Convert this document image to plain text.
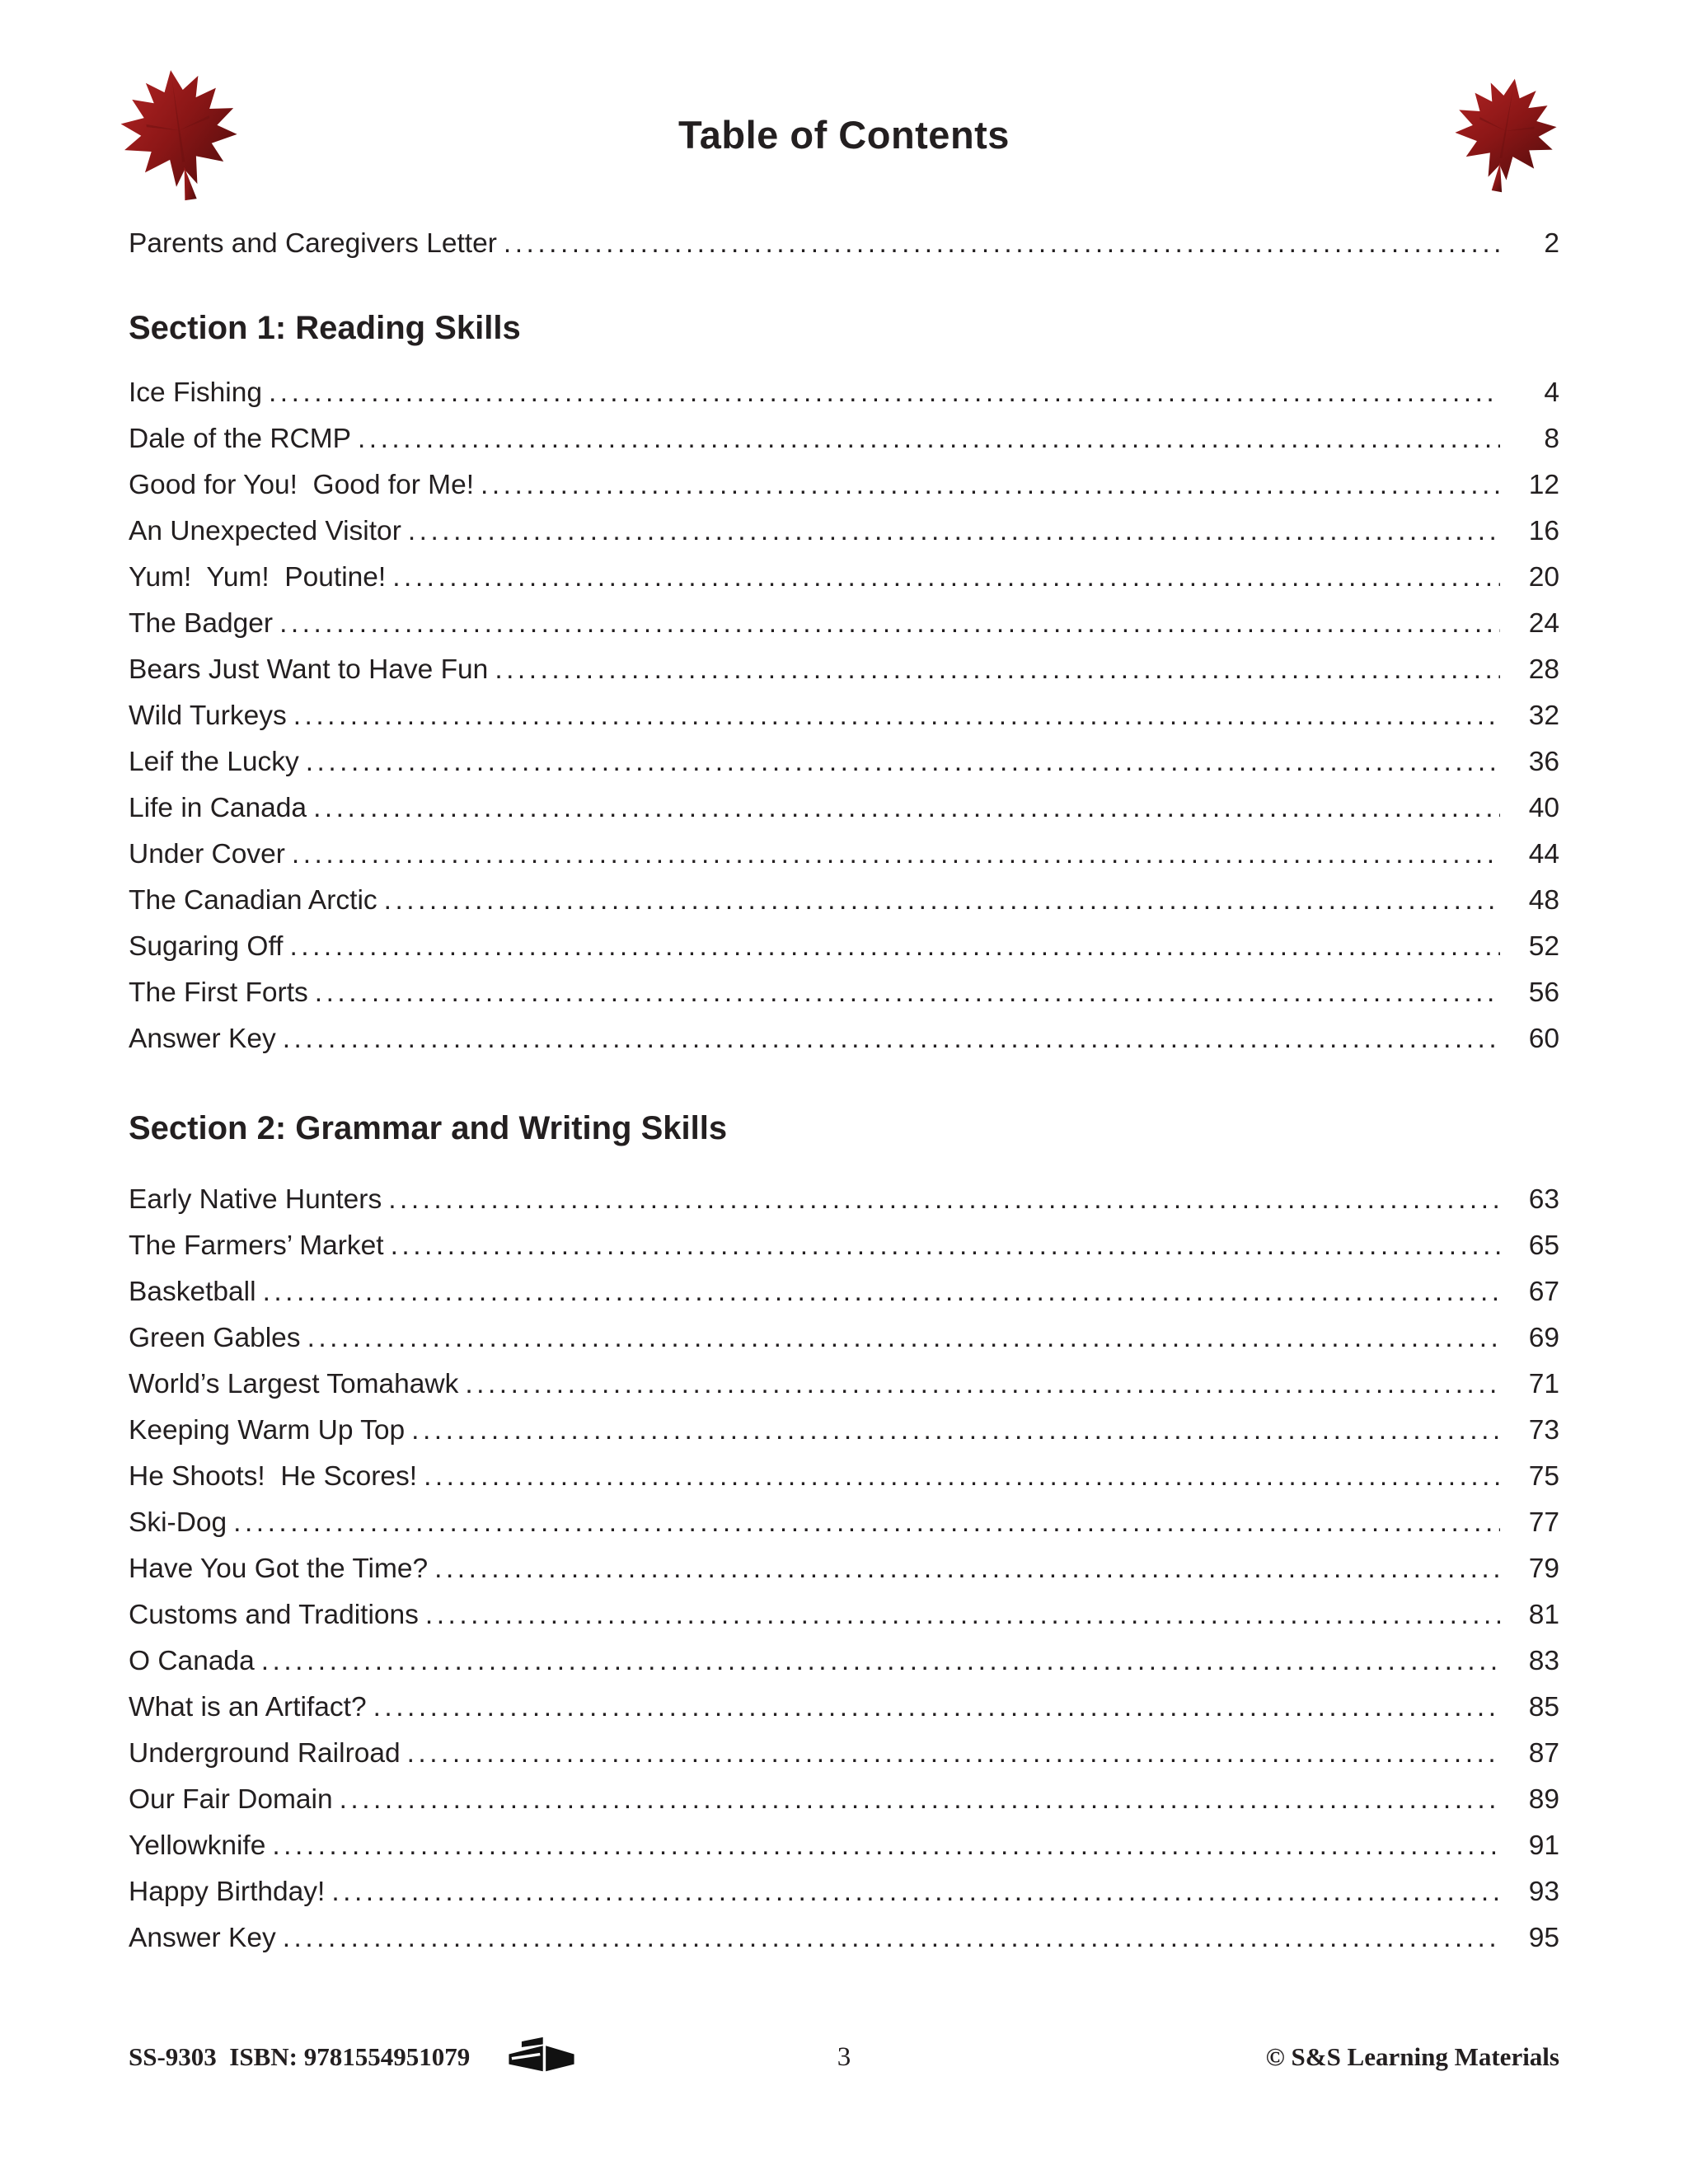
Table of Contents
Parents and Caregivers Letter .....	2
Section 1: Reading Skills
Ice Fishing .....	4
Dale of the RCMP .....	8
Good for You!  Good for Me! .....	12
An Unexpected Visitor .....	16
Yum!  Yum!  Poutine! .....	20
The Badger .....	24
Bears Just Want to Have Fun .....	28
Wild Turkeys .....	32
Leif the Lucky .....	36
Life in Canada .....	40
Under Cover .....	44
The Canadian Arctic .....	48
Sugaring Off .....	52
The First Forts .....	56
Answer Key .....	60
Section 2: Grammar and Writing Skills
Early Native Hunters .....	63
The Farmers’ Market .....	65
Basketball .....	67
Green Gables .....	69
World’s Largest Tomahawk .....	71
Keeping Warm Up Top .....	73
He Shoots!  He Scores! .....	75
Ski-Dog .....	77
Have You Got the Time? .....	79
Customs and Traditions .....	81
O Canada .....	83
What is an Artifact? .....	85
Underground Railroad .....	87
Our Fair Domain .....	89
Yellowknife .....	91
Happy Birthday! .....	93
Answer Key .....	95
SS-9303  ISBN: 9781554951079	3	© S&S Learning Materials
